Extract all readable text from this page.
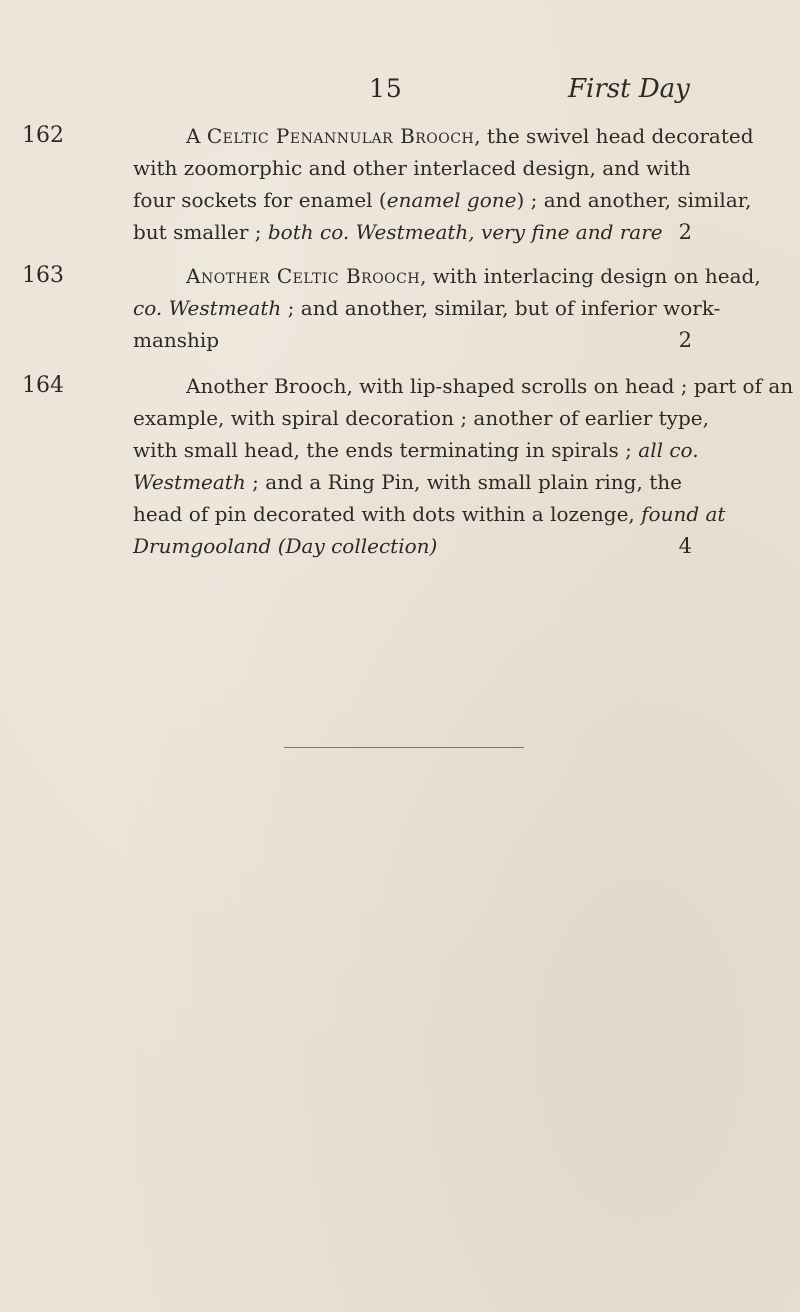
15	First Day
162	A Celtic Penannular Brooch, the swivel head decorated
with zoomorphic and other interlaced design, and with
four sockets for enamel (enamel gone) ; and another, similar,
but smaller ; both co. Westmeath, very fine and rare 2
163	Another Celtic Brooch, with interlacing design on head,
co. Westmeath ; and another, similar, but of inferior work-
manship	2
164	Another Brooch, with lip-shaped scrolls on head ; part of an
example, with spiral decoration ; another of earlier type,
with small head, the ends terminating in spirals ; all co.
Westmeath ; and a Ring Pin, with small plain ring, the
head of pin decorated with dots within a lozenge, found at
Drumgooland (Day collection)	4
